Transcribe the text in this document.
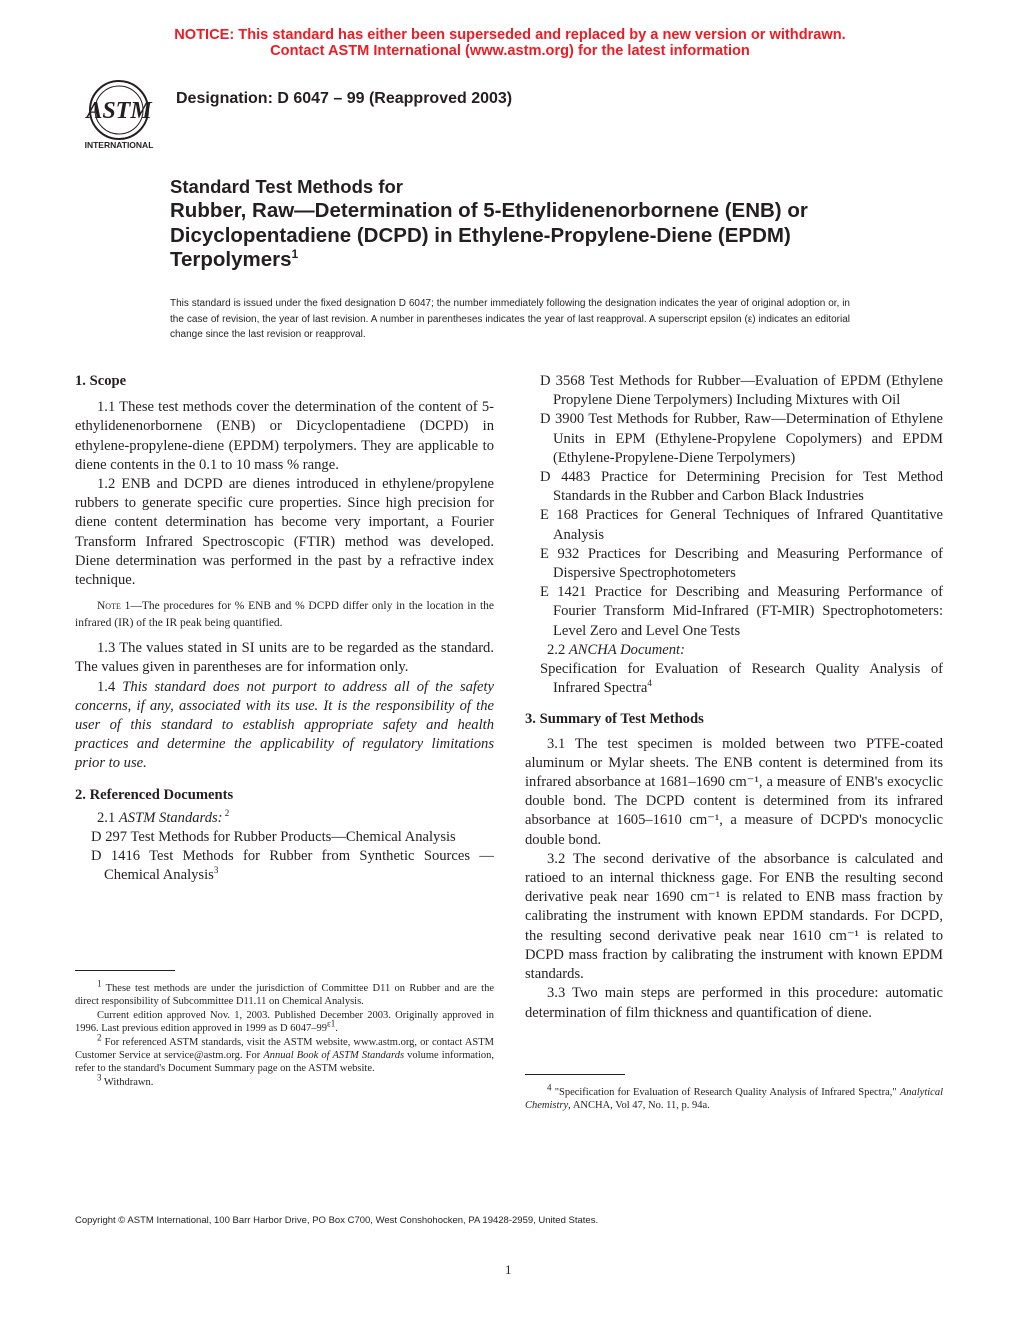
NOTICE: This standard has either been superseded and replaced by a new version or withdrawn.
Contact ASTM International (www.astm.org) for the latest information
ASTM
INTERNATIONAL
Designation: D 6047 – 99 (Reapproved 2003)
Standard Test Methods for
Rubber, Raw—Determination of 5-Ethylidenenorbornene (ENB) or Dicyclopentadiene (DCPD) in Ethylene-Propylene-Diene (EPDM) Terpolymers$^1$
This standard is issued under the fixed designation D 6047; the number immediately following the designation indicates the year of original adoption or, in the case of revision, the year of last revision. A number in parentheses indicates the year of last reapproval. A superscript epsilon (ε) indicates an editorial change since the last revision or reapproval.
1. Scope

1.1 These test methods cover the determination of the content of 5-ethylidenenorbornene (ENB) or Dicyclopentadiene (DCPD) in ethylene-propylene-diene (EPDM) terpolymers. They are applicable to diene contents in the 0.1 to 10 mass % range.

1.2 ENB and DCPD are dienes introduced in ethylene/propylene rubbers to generate specific cure properties. Since high precision for diene content determination has become very important, a Fourier Transform Infrared Spectroscopic (FTIR) method was developed. Diene determination was performed in the past by a refractive index technique.

Note 1—The procedures for % ENB and % DCPD differ only in the location in the infrared (IR) of the IR peak being quantified.

1.3 The values stated in SI units are to be regarded as the standard. The values given in parentheses are for information only.

1.4 This standard does not purport to address all of the safety concerns, if any, associated with its use. It is the responsibility of the user of this standard to establish appropriate safety and health practices and determine the applicability of regulatory limitations prior to use.

2. Referenced Documents

2.1 ASTM Standards: $^2$

D 297 Test Methods for Rubber Products—Chemical Analysis

D 1416 Test Methods for Rubber from Synthetic Sources —Chemical Analysis$^3$

$^1$ These test methods are under the jurisdiction of Committee D11 on Rubber and are the direct responsibility of Subcommittee D11.11 on Chemical Analysis.

Current edition approved Nov. 1, 2003. Published December 2003. Originally approved in 1996. Last previous edition approved in 1999 as D $6047-99^{\varepsilon 1}$.

$^2$ For referenced ASTM standards, visit the ASTM website, www.astm.org, or contact ASTM Customer Service at service@astm.org. For Annual Book of ASTM Standards volume information, refer to the standard's Document Summary page on the ASTM website.

$^3$ Withdrawn.

D 3568 Test Methods for Rubber—Evaluation of EPDM (Ethylene Propylene Diene Terpolymers) Including Mixtures with Oil

D 3900 Test Methods for Rubber, Raw—Determination of Ethylene Units in EPM (Ethylene-Propylene Copolymers) and EPDM (Ethylene-Propylene-Diene Terpolymers)

D 4483 Practice for Determining Precision for Test Method Standards in the Rubber and Carbon Black Industries

E 168 Practices for General Techniques of Infrared Quantitative Analysis

E 932 Practices for Describing and Measuring Performance of Dispersive Spectrophotometers

E 1421 Practice for Describing and Measuring Performance of Fourier Transform Mid-Infrared (FT-MIR) Spectrophotometers: Level Zero and Level One Tests

2.2 ANCHA Document:

Specification for Evaluation of Research Quality Analysis of Infrared Spectra$^4$

3. Summary of Test Methods

3.1 The test specimen is molded between two PTFE-coated aluminum or Mylar sheets. The ENB content is determined from its infrared absorbance at 1681–1690 cm⁻¹, a measure of ENB's exocyclic double bond. The DCPD content is determined from its infrared absorbance at 1605–1610 cm⁻¹, a measure of DCPD's monocyclic double bond.

3.2 The second derivative of the absorbance is calculated and ratioed to an internal thickness gage. For ENB the resulting second derivative peak near 1690 cm⁻¹ is related to ENB mass fraction by calibrating the instrument with known EPDM standards. For DCPD, the resulting second derivative peak near 1610 cm⁻¹ is related to DCPD mass fraction by calibrating the instrument with known EPDM standards.

3.3 Two main steps are performed in this procedure: automatic determination of film thickness and quantification of diene.

$^4$ "Specification for Evaluation of Research Quality Analysis of Infrared Spectra," Analytical Chemistry, ANCHA, Vol 47, No. 11, p. 94a.

Copyright © ASTM International, 100 Barr Harbor Drive, PO Box C700, West Conshohocken, PA 19428-2959, United States.
1
